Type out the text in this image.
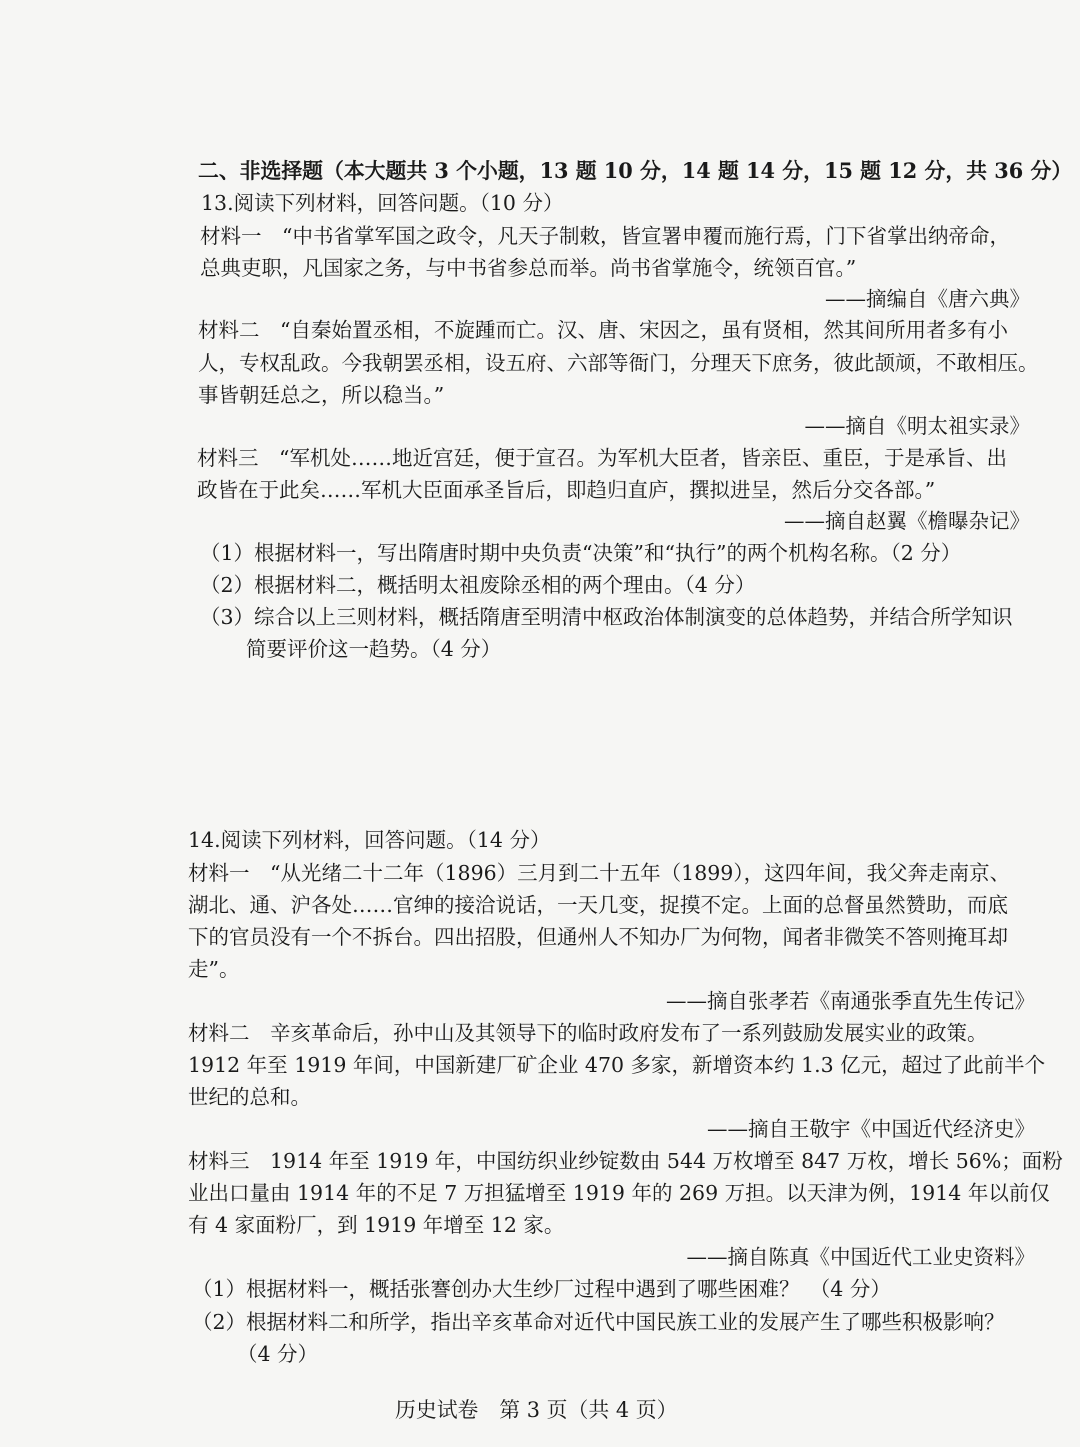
二、非选择题（本大题共 3 个小题，13 题 10 分，14 题 14 分，15 题 12 分，共 36 分）
13.阅读下列材料，回答问题。（10 分）
材料一　“中书省掌军国之政令，凡天子制敕，皆宣署申覆而施行焉，门下省掌出纳帝命，
总典吏职，凡国家之务，与中书省参总而举。尚书省掌施令，统领百官。”
——摘编自《唐六典》
材料二　“自秦始置丞相，不旋踵而亡。汉、唐、宋因之，虽有贤相，然其间所用者多有小
人，专权乱政。今我朝罢丞相，设五府、六部等衙门，分理天下庶务，彼此颉颃，不敢相压。
事皆朝廷总之，所以稳当。”
——摘自《明太祖实录》
材料三　“军机处……地近宫廷，便于宣召。为军机大臣者，皆亲臣、重臣，于是承旨、出
政皆在于此矣……军机大臣面承圣旨后，即趋归直庐，撰拟进呈，然后分交各部。”
——摘自赵翼《檐曝杂记》
（1）根据材料一，写出隋唐时期中央负责“决策”和“执行”的两个机构名称。（2 分）
（2）根据材料二，概括明太祖废除丞相的两个理由。（4 分）
（3）综合以上三则材料，概括隋唐至明清中枢政治体制演变的总体趋势，并结合所学知识
简要评价这一趋势。（4 分）
14.阅读下列材料，回答问题。（14 分）
材料一　“从光绪二十二年（1896）三月到二十五年（1899），这四年间，我父奔走南京、
湖北、通、沪各处……官绅的接洽说话，一天几变，捉摸不定。上面的总督虽然赞助，而底
下的官员没有一个不拆台。四出招股，但通州人不知办厂为何物，闻者非微笑不答则掩耳却
走”。
——摘自张孝若《南通张季直先生传记》
材料二　辛亥革命后，孙中山及其领导下的临时政府发布了一系列鼓励发展实业的政策。
1912 年至 1919 年间，中国新建厂矿企业 470 多家，新增资本约 1.3 亿元，超过了此前半个
世纪的总和。
——摘自王敬宇《中国近代经济史》
材料三　1914 年至 1919 年，中国纺织业纱锭数由 544 万枚增至 847 万枚，增长 56%；面粉
业出口量由 1914 年的不足 7 万担猛增至 1919 年的 269 万担。以天津为例，1914 年以前仅
有 4 家面粉厂，到 1919 年增至 12 家。
——摘自陈真《中国近代工业史资料》
（1）根据材料一，概括张謇创办大生纱厂过程中遇到了哪些困难？　（4 分）
（2）根据材料二和所学，指出辛亥革命对近代中国民族工业的发展产生了哪些积极影响？
（4 分）
历史试卷　第 3 页（共 4 页）
